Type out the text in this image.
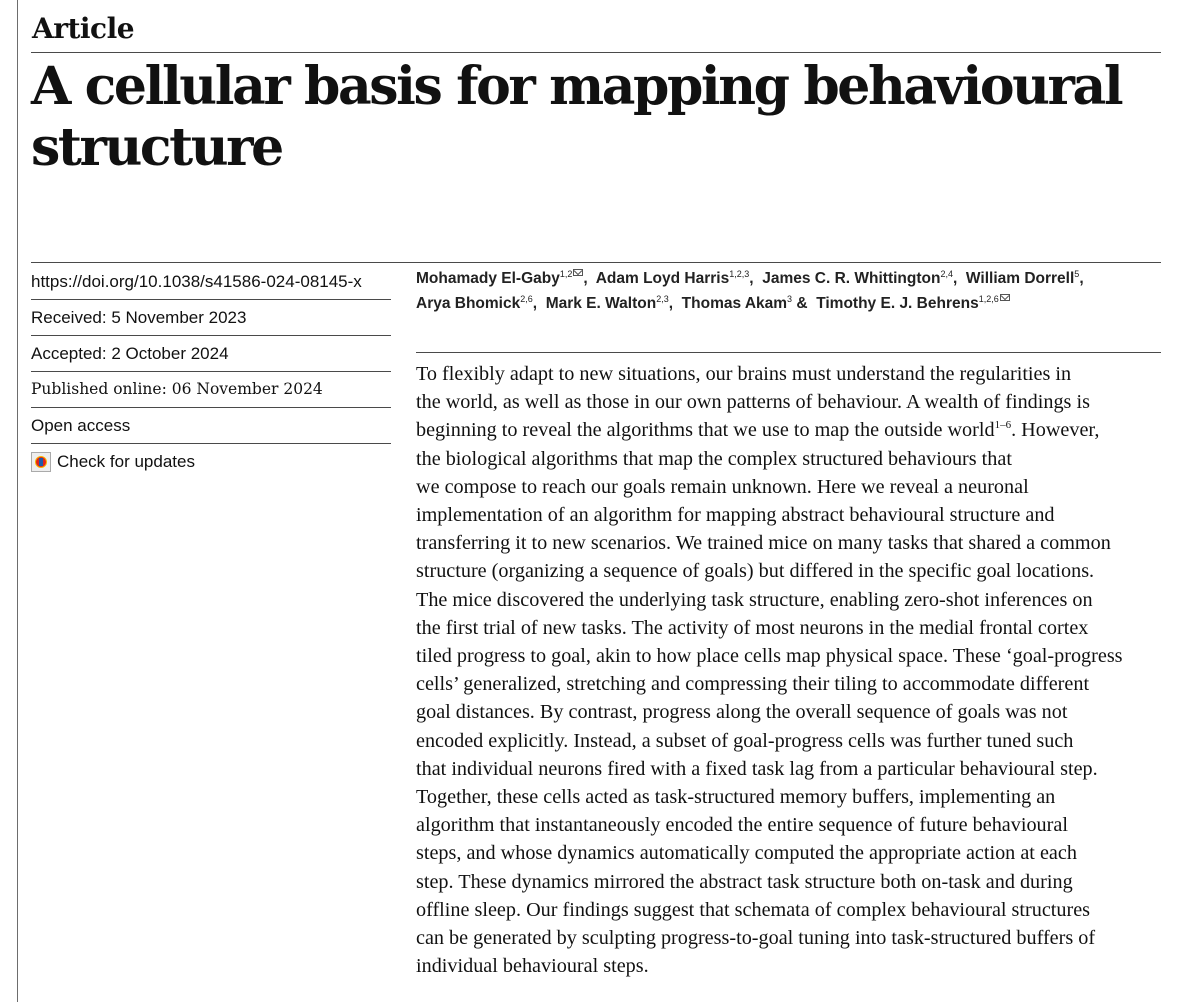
Article
A cellular basis for mapping behavioural
structure
https://doi.org/10.1038/s41586-024-08145-x
Received: 5 November 2023
Accepted: 2 October 2024
Published online: 06 November 2024
Open access
Check for updates
Mohamady El-Gaby$^{1,2}$ ,  Adam Loyd Harris$^{1,2,3}$,  James C. R. Whittington$^{2,4}$,  William Dorrell$^5$,  Arya Bhomick$^{2,6}$,  Mark E. Walton$^{2,3}$,  Thomas Akam$^3$ &  Timothy E. J. Behrens$^{1,2,6}$
To flexibly adapt to new situations, our brains must understand the regularities in
the world, as well as those in our own patterns of behaviour. A wealth of findings is
beginning to reveal the algorithms that we use to map the outside world$^{1-6}$. However,
the biological algorithms that map the complex structured behaviours that
we compose to reach our goals remain unknown. Here we reveal a neuronal
implementation of an algorithm for mapping abstract behavioural structure and
transferring it to new scenarios. We trained mice on many tasks that shared a common
structure (organizing a sequence of goals) but differed in the specific goal locations.
The mice discovered the underlying task structure, enabling zero-shot inferences on
the first trial of new tasks. The activity of most neurons in the medial frontal cortex
tiled progress to goal, akin to how place cells map physical space. These ‘goal-progress
cells’ generalized, stretching and compressing their tiling to accommodate different
goal distances. By contrast, progress along the overall sequence of goals was not
encoded explicitly. Instead, a subset of goal-progress cells was further tuned such
that individual neurons fired with a fixed task lag from a particular behavioural step.
Together, these cells acted as task-structured memory buffers, implementing an
algorithm that instantaneously encoded the entire sequence of future behavioural
steps, and whose dynamics automatically computed the appropriate action at each
step. These dynamics mirrored the abstract task structure both on-task and during
offline sleep. Our findings suggest that schemata of complex behavioural structures
can be generated by sculpting progress-to-goal tuning into task-structured buffers of
individual behavioural steps.
